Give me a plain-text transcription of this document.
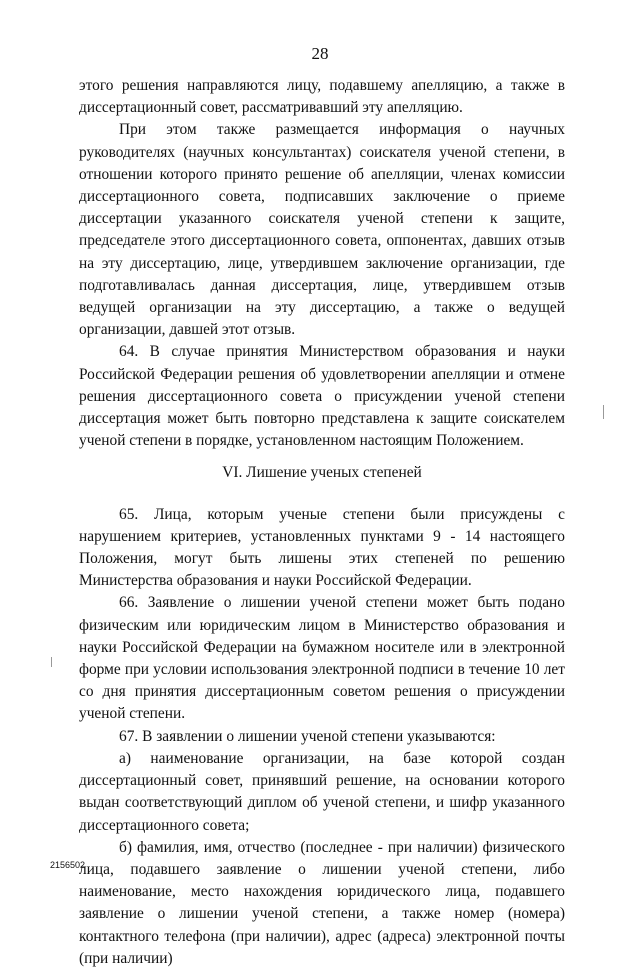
28

этого решения направляются лицу, подавшему апелляцию, а также в диссертационный совет, рассматривавший эту апелляцию.

При этом также размещается информация о научных руководителях (научных консультантах) соискателя ученой степени, в отношении которого принято решение об апелляции, членах комиссии диссертационного совета, подписавших заключение о приеме диссертации указанного соискателя ученой степени к защите, председателе этого диссертационного совета, оппонентах, давших отзыв на эту диссертацию, лице, утвердившем заключение организации, где подготавливалась данная диссертация, лице, утвердившем отзыв ведущей организации на эту диссертацию, а также о ведущей организации, давшей этот отзыв.

64. В случае принятия Министерством образования и науки Российской Федерации решения об удовлетворении апелляции и отмене решения диссертационного совета о присуждении ученой степени диссертация может быть повторно представлена к защите соискателем ученой степени в порядке, установленном настоящим Положением.

VI. Лишение ученых степеней

65. Лица, которым ученые степени были присуждены с нарушением критериев, установленных пунктами 9 - 14 настоящего Положения, могут быть лишены этих степеней по решению Министерства образования и науки Российской Федерации.

66. Заявление о лишении ученой степени может быть подано физическим или юридическим лицом в Министерство образования и науки Российской Федерации на бумажном носителе или в электронной форме при условии использования электронной подписи в течение 10 лет со дня принятия диссертационным советом решения о присуждении ученой степени.

67. В заявлении о лишении ученой степени указываются:

а) наименование организации, на базе которой создан диссертационный совет, принявший решение, на основании которого выдан соответствующий диплом об ученой степени, и шифр указанного диссертационного совета;

б) фамилия, имя, отчество (последнее - при наличии) физического лица, подавшего заявление о лишении ученой степени, либо наименование, место нахождения юридического лица, подавшего заявление о лишении ученой степени, а также номер (номера) контактного телефона (при наличии), адрес (адреса) электронной почты (при наличии)

2156502
